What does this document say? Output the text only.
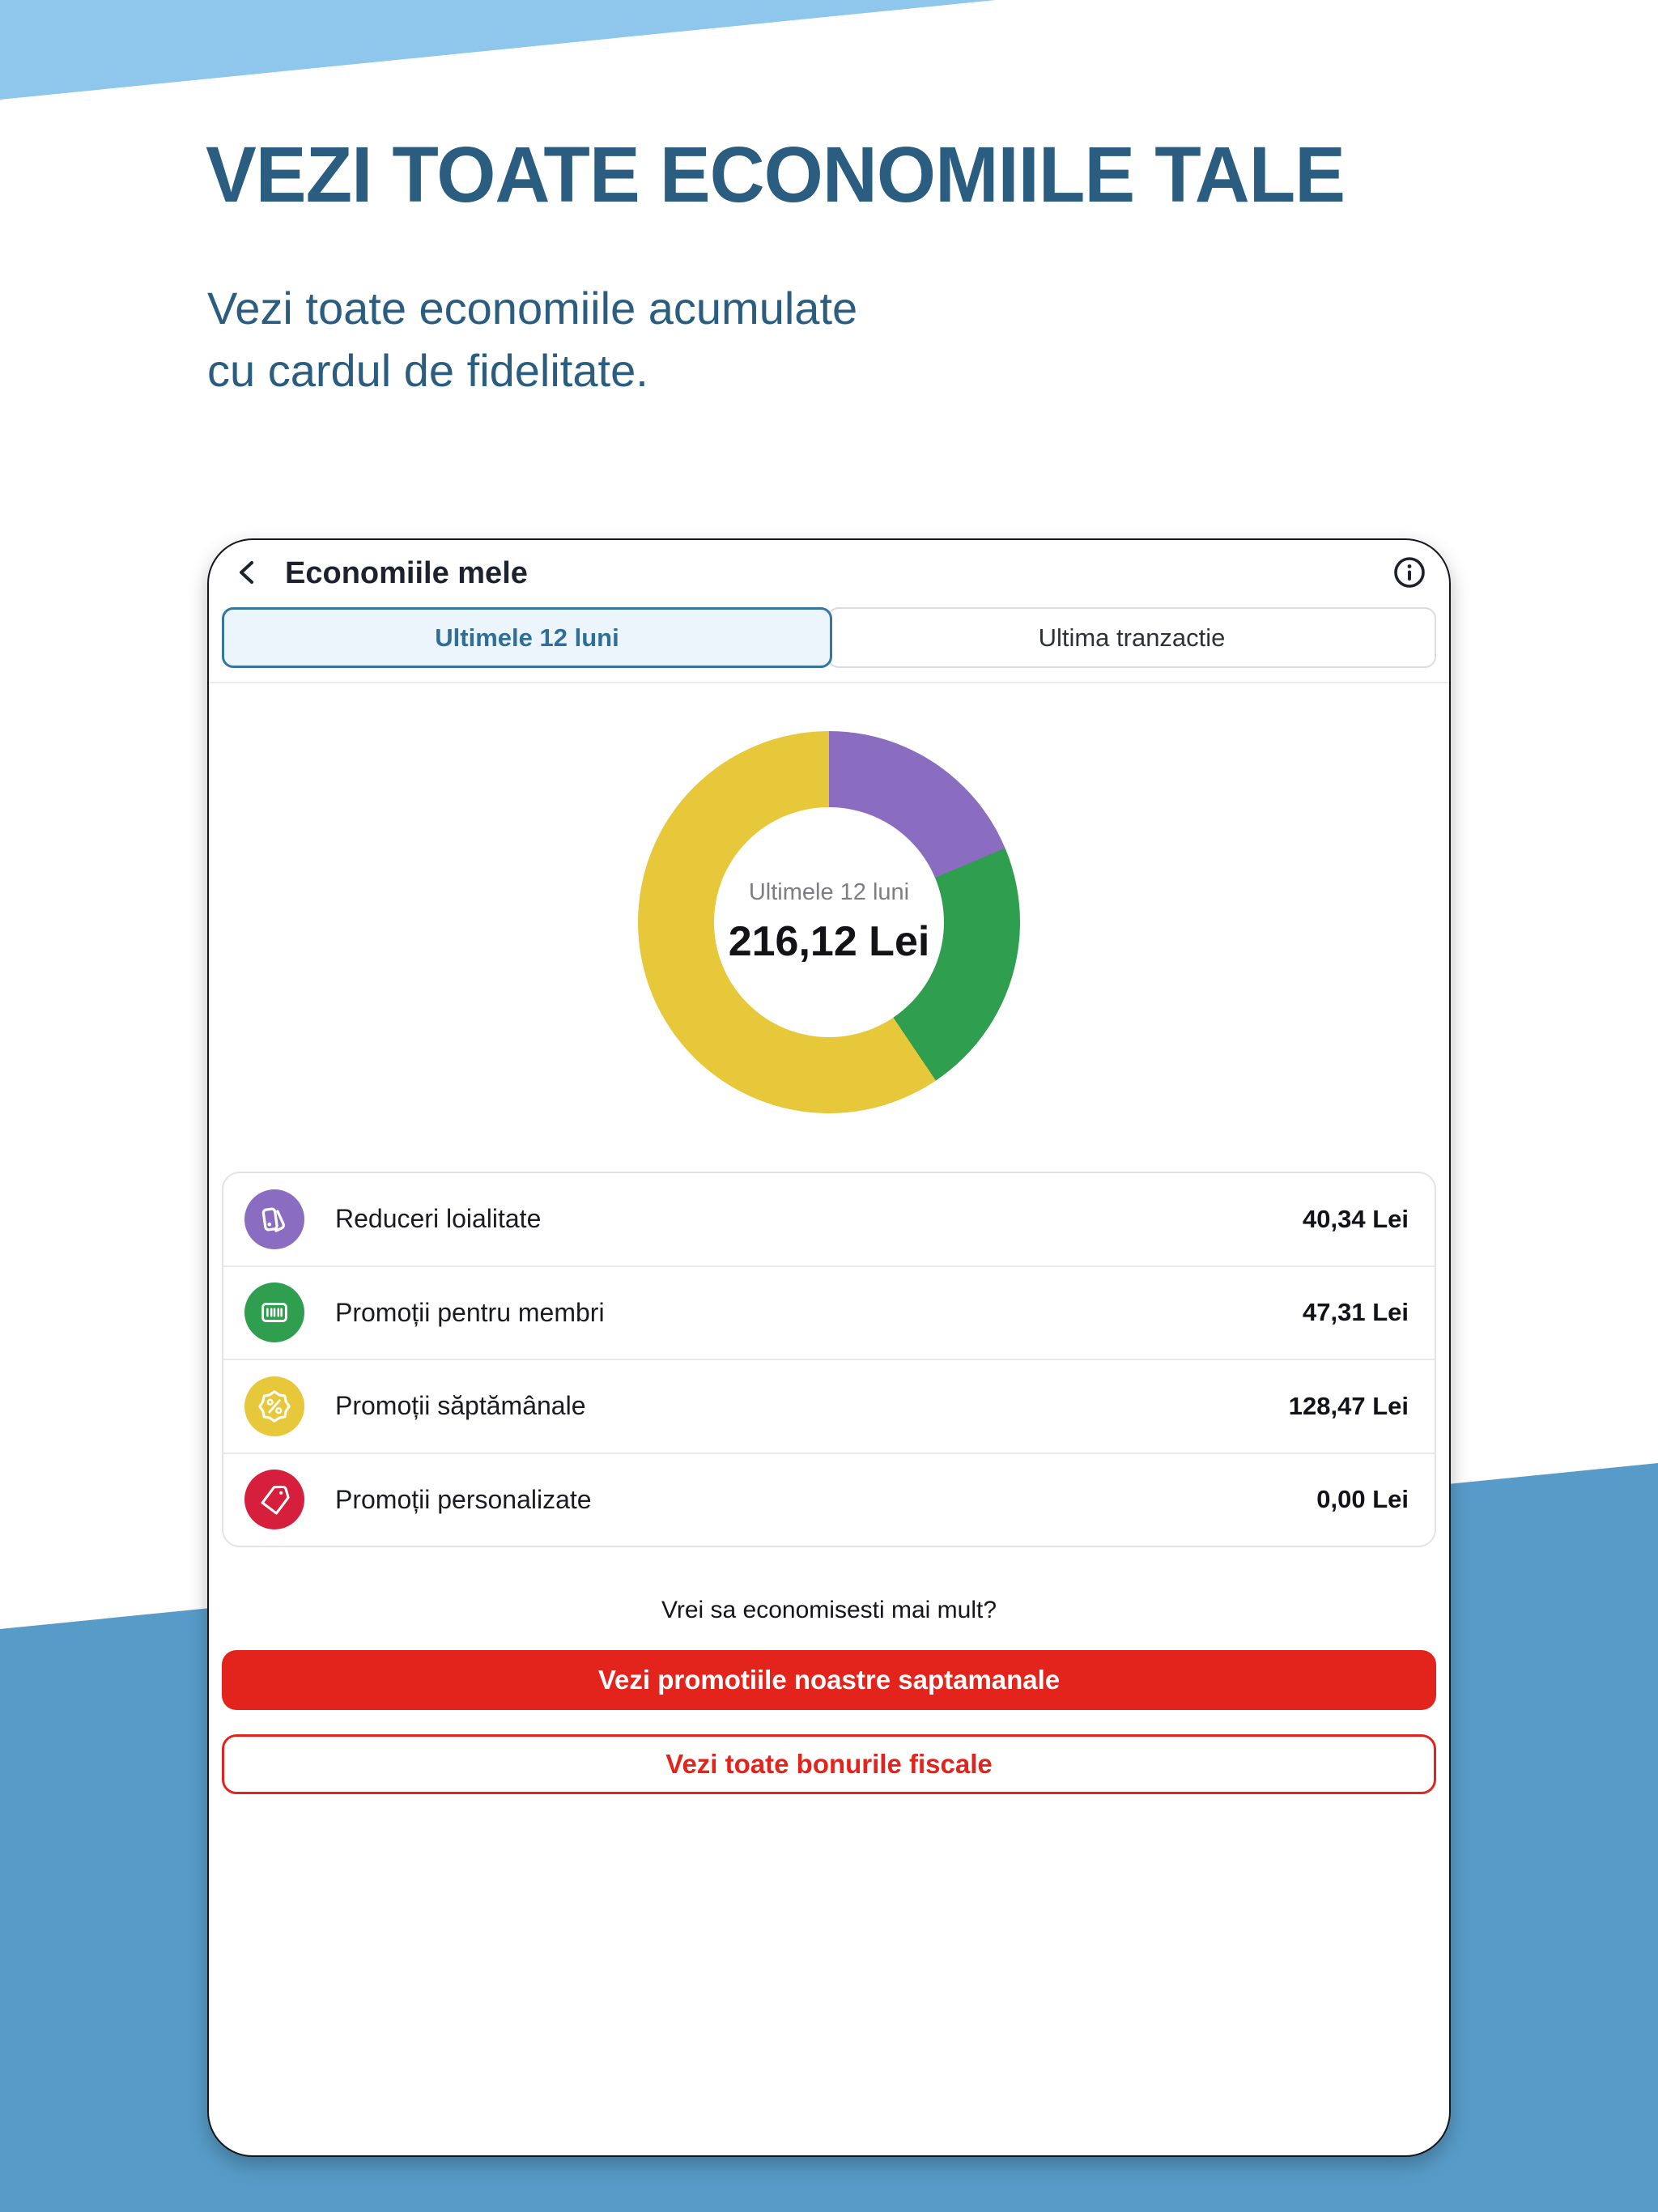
VEZI TOATE ECONOMIILE TALE
Vezi toate economiile acumulate
cu cardul de fidelitate.
Economiile mele
Ultimele 12 luni	Ultima tranzactie
Ultimele 12 luni
216,12 Lei
Reduceri loialitate	40,34 Lei
Promoții pentru membri	47,31 Lei
Promoții săptămânale	128,47 Lei
Promoții personalizate	0,00 Lei
Vrei sa economisesti mai mult?
Vezi promotiile noastre saptamanale
Vezi toate bonurile fiscale
